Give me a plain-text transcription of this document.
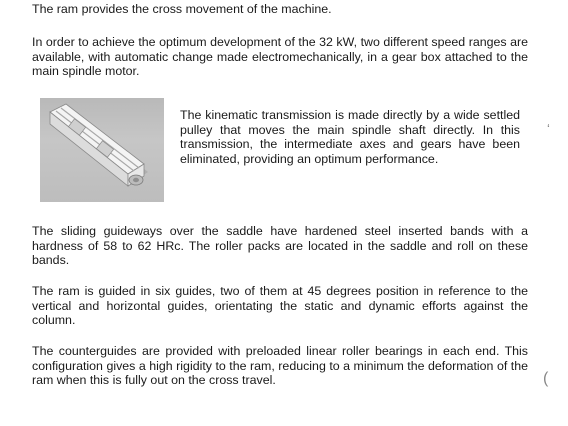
The ram provides the cross movement of the machine.

In order to achieve the optimum development of the 32 kW, two different speed ranges are available, with automatic change made electromechanically, in a gear box attached to the main spindle motor.

The kinematic transmission is made directly by a wide settled pulley that moves the main spindle shaft directly. In this transmission, the intermediate axes and gears have been eliminated, providing an optimum performance.

The sliding guideways over the saddle have hardened steel inserted bands with a hardness of 58 to 62 HRc. The roller packs are located in the saddle and roll on these bands.

The ram is guided in six guides, two of them at 45 degrees position in reference to the vertical and horizontal guides, orientating the static and dynamic efforts against the column.

The counterguides are provided with preloaded linear roller bearings in each end. This configuration gives a high rigidity to the ram, reducing to a minimum the deformation of the ram when this is fully out on the cross travel.

‘
(
